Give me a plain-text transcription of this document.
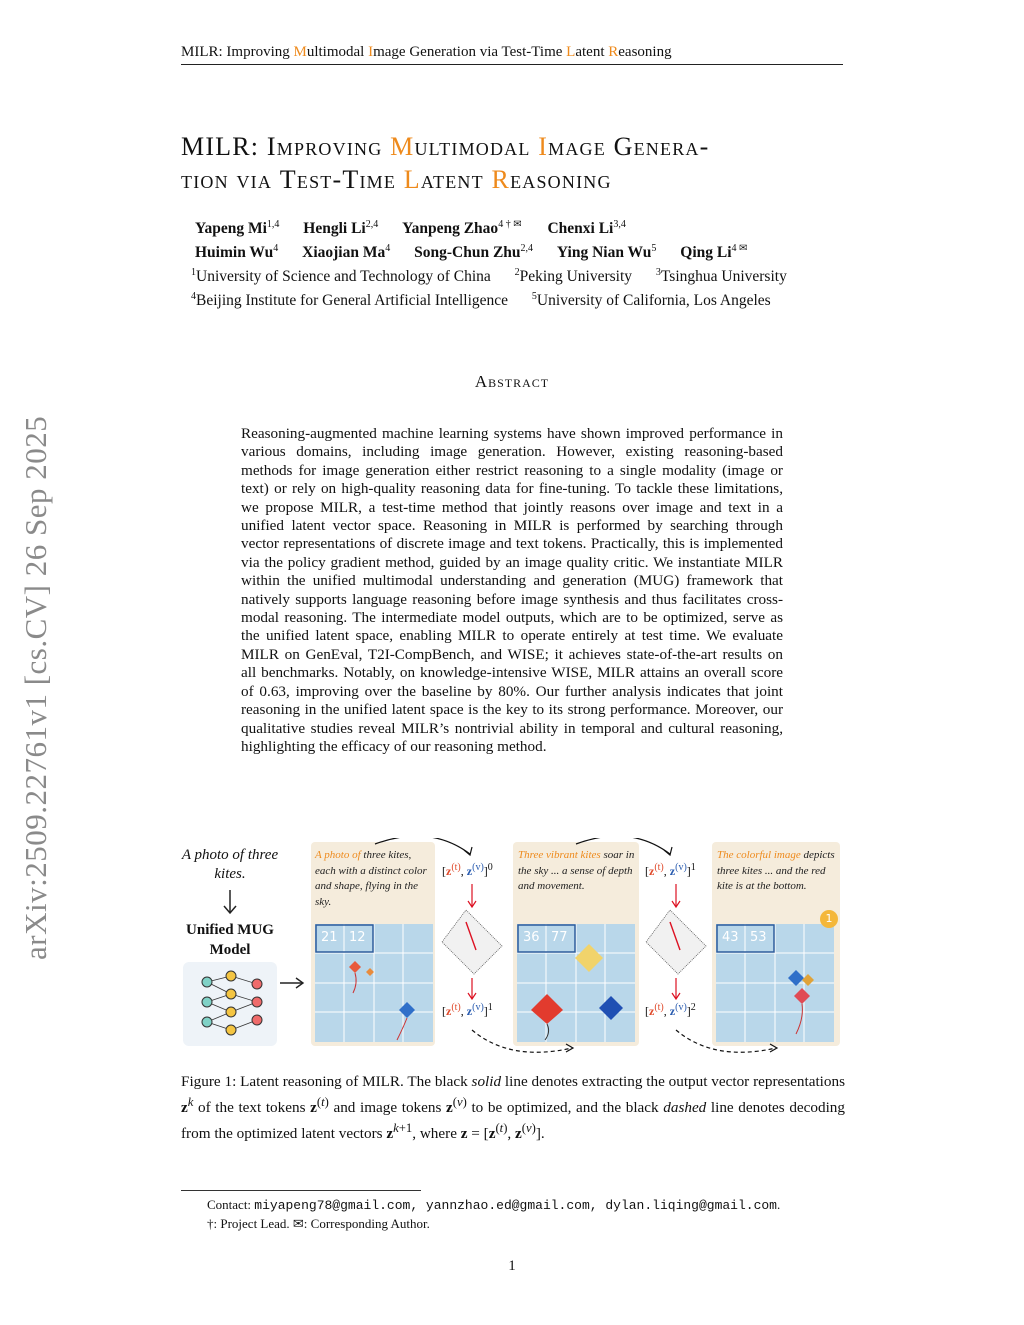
MILR: Improving Multimodal Image Generation via Test-Time Latent Reasoning
MILR: Improving Multimodal Image Genera-
tion via Test-Time Latent Reasoning
Yapeng Mi$^{1,4}$ Hengli Li$^{2,4}$ Yanpeng Zhao$^{4 \dagger ✉}$ Chenxi Li$^{3,4}$
Huimin Wu$^4$ Xiaojian Ma$^4$ Song-Chun Zhu$^{2,4}$ Ying Nian Wu$^5$ Qing $Li^{4 ✉}$
$^1$University of Science and Technology of China $^2$Peking University $^3$Tsinghua University
$^4$Beijing Institute for General Artificial Intelligence $^5$University of California, Los Angeles
arXiv:2509.22761v1 [cs.CV] 26 Sep 2025
Abstract
Reasoning-augmented machine learning systems have shown improved performance in various domains, including image generation. However, existing reasoning-based methods for image generation either restrict reasoning to a single modality (image or text) or rely on high-quality reasoning data for fine-tuning. To tackle these limitations, we propose MILR, a test-time method that jointly reasons over image and text in a unified latent vector space. Reasoning in MILR is performed by searching through vector representations of discrete image and text tokens. Practically, this is implemented via the policy gradient method, guided by an image quality critic. We instantiate MILR within the unified multimodal understanding and generation (MUG) framework that natively supports language reasoning before image synthesis and thus facilitates cross-modal reasoning. The intermediate model outputs, which are to be optimized, serve as the unified latent space, enabling MILR to operate entirely at test time. We evaluate MILR on GenEval, T2I-CompBench, and WISE; it achieves state-of-the-art results on all benchmarks. Notably, on knowledge-intensive WISE, MILR attains an overall score of 0.63, improving over the baseline by 80%. Our further analysis indicates that joint reasoning in the unified latent space is the key to its strong performance. Moreover, our qualitative studies reveal MILR’s nontrivial ability in temporal and cultural reasoning, highlighting the efficacy of our reasoning method.
A photo of three kites.
Unified MUG Model
A photo of three kites, each with a distinct color and shape, flying in the sky.
21 12
Three vibrant kites soar in the sky ... a sense of depth and movement.
36 77
The colorful image depicts three kites ... and the red kite is at the bottom.
43 53
1
[$z^{(t)}$, $z^{(v)}]^0$
[$z^{(t)}$, $z^{(v)}]^1$
[$z^{(t)}$, $z^{(v)}]^1$
[$z^{(t)}$, $z^{(v)}]^2$
Figure 1: Latent reasoning of MILR. The black solid line denotes extracting the output vector representations $z^k$ of the text tokens $z^{(t)}$ and image tokens $z^{(v)}$ to be optimized, and the black dashed line denotes decoding from the optimized latent vectors $z^{k+1}$, where $z = [z^{(t)}$, $z^{(v)}$].
Contact: miyapeng78@gmail.com, yannzhao.ed@gmail.com, dylan.liqing@gmail.com.
†: Project Lead. ✉: Corresponding Author.
1
